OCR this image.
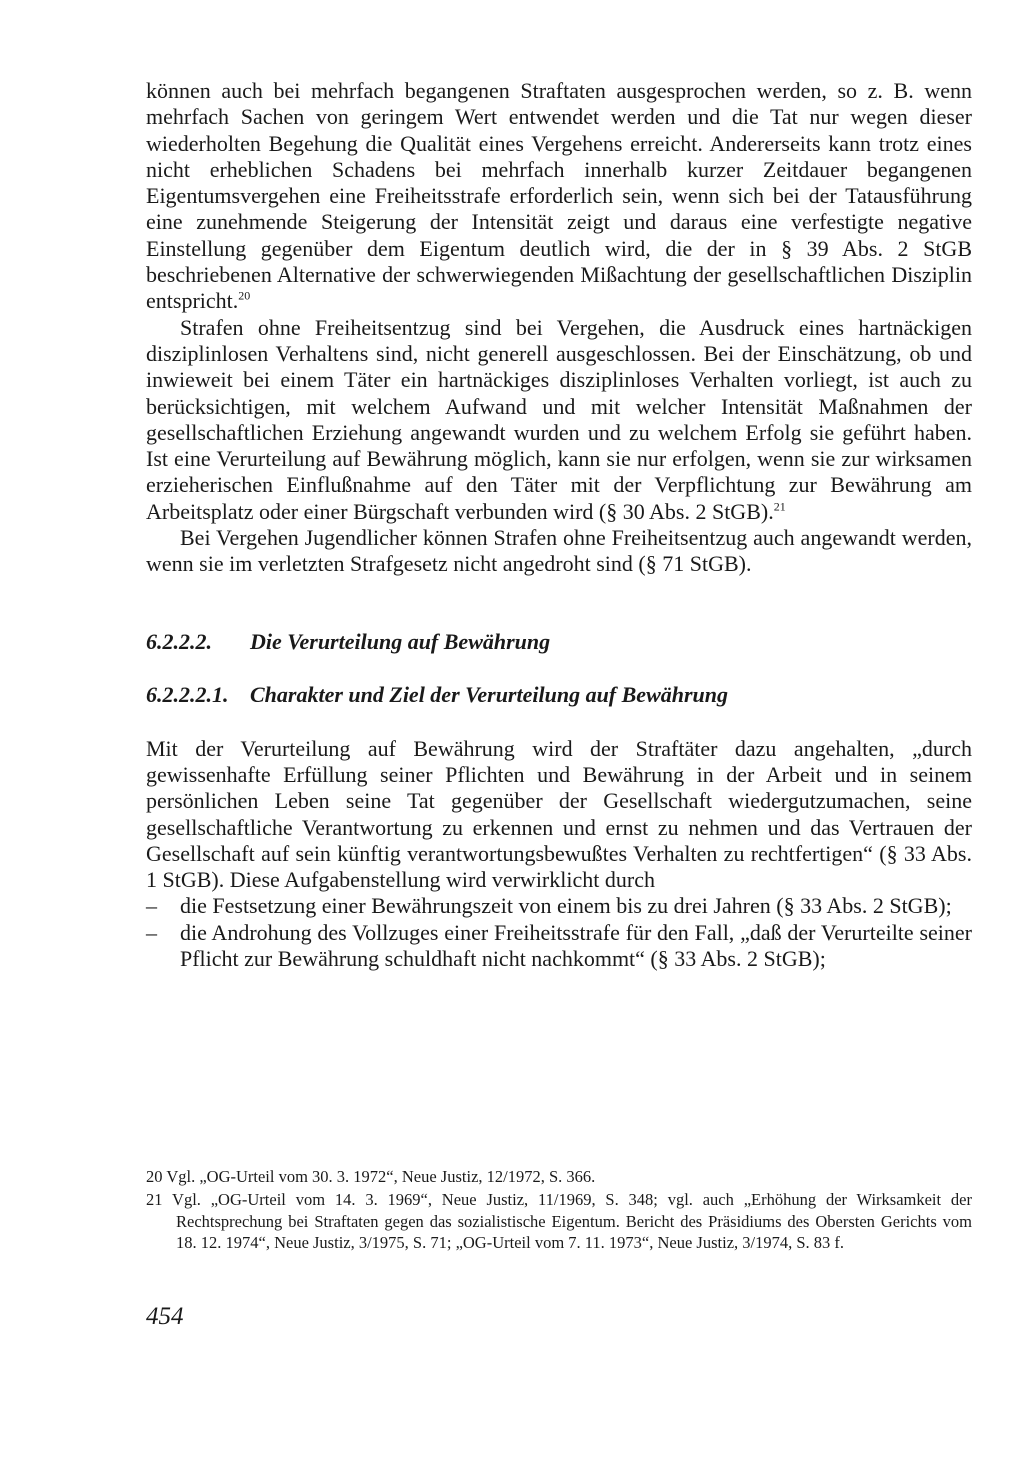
können auch bei mehrfach begangenen Straftaten ausgesprochen werden, so z. B. wenn mehrfach Sachen von geringem Wert entwendet werden und die Tat nur wegen dieser wiederholten Begehung die Qualität eines Vergehens erreicht. Andererseits kann trotz eines nicht erheblichen Schadens bei mehrfach innerhalb kurzer Zeitdauer begangenen Eigentumsvergehen eine Freiheitsstrafe erforderlich sein, wenn sich bei der Tatausführung eine zunehmende Steigerung der Intensität zeigt und daraus eine verfestigte negative Einstellung gegenüber dem Eigentum deutlich wird, die der in § 39 Abs. 2 StGB beschriebenen Alternative der schwerwiegenden Mißachtung der gesellschaftlichen Disziplin entspricht.$^{20}$

Strafen ohne Freiheitsentzug sind bei Vergehen, die Ausdruck eines hartnäckigen disziplinlosen Verhaltens sind, nicht generell ausgeschlossen. Bei der Einschätzung, ob und inwieweit bei einem Täter ein hartnäckiges disziplinloses Verhalten vorliegt, ist auch zu berücksichtigen, mit welchem Aufwand und mit welcher Intensität Maßnahmen der gesellschaftlichen Erziehung angewandt wurden und zu welchem Erfolg sie geführt haben. Ist eine Verurteilung auf Bewährung möglich, kann sie nur erfolgen, wenn sie zur wirksamen erzieherischen Einflußnahme auf den Täter mit der Verpflichtung zur Bewährung am Arbeitsplatz oder einer Bürgschaft verbunden wird (§ 30 Abs. 2 StGB).$^{21}$

Bei Vergehen Jugendlicher können Strafen ohne Freiheitsentzug auch angewandt werden, wenn sie im verletzten Strafgesetz nicht angedroht sind (§ 71 StGB).

6.2.2.2.	Die Verurteilung auf Bewährung
6.2.2.2.1. Charakter und Ziel der Verurteilung auf Bewährung

Mit der Verurteilung auf Bewährung wird der Straftäter dazu angehalten, „durch gewissenhafte Erfüllung seiner Pflichten und Bewährung in der Arbeit und in seinem persönlichen Leben seine Tat gegenüber der Gesellschaft wiedergutzumachen, seine gesellschaftliche Verantwortung zu erkennen und ernst zu nehmen und das Vertrauen der Gesellschaft auf sein künftig verantwortungsbewußtes Verhalten zu rechtfertigen“ (§ 33 Abs. 1 StGB). Diese Aufgabenstellung wird verwirklicht durch

– die Festsetzung einer Bewährungszeit von einem bis zu drei Jahren (§ 33 Abs. 2 StGB);
– die Androhung des Vollzuges einer Freiheitsstrafe für den Fall, „daß der Verurteilte seiner Pflicht zur Bewährung schuldhaft nicht nachkommt“ (§ 33 Abs. 2 StGB);

20 Vgl. „OG-Urteil vom 30. 3. 1972“, Neue Justiz, 12/1972, S. 366.

21 Vgl. „OG-Urteil vom 14. 3. 1969“, Neue Justiz, 11/1969, S. 348; vgl. auch „Erhöhung der Wirksamkeit der Rechtsprechung bei Straftaten gegen das sozialistische Eigentum. Bericht des Präsidiums des Obersten Gerichts vom 18. 12. 1974“, Neue Justiz, 3/1975, S. 71; „OG-Urteil vom 7. 11. 1973“, Neue Justiz, 3/1974, S. 83 f.

454
